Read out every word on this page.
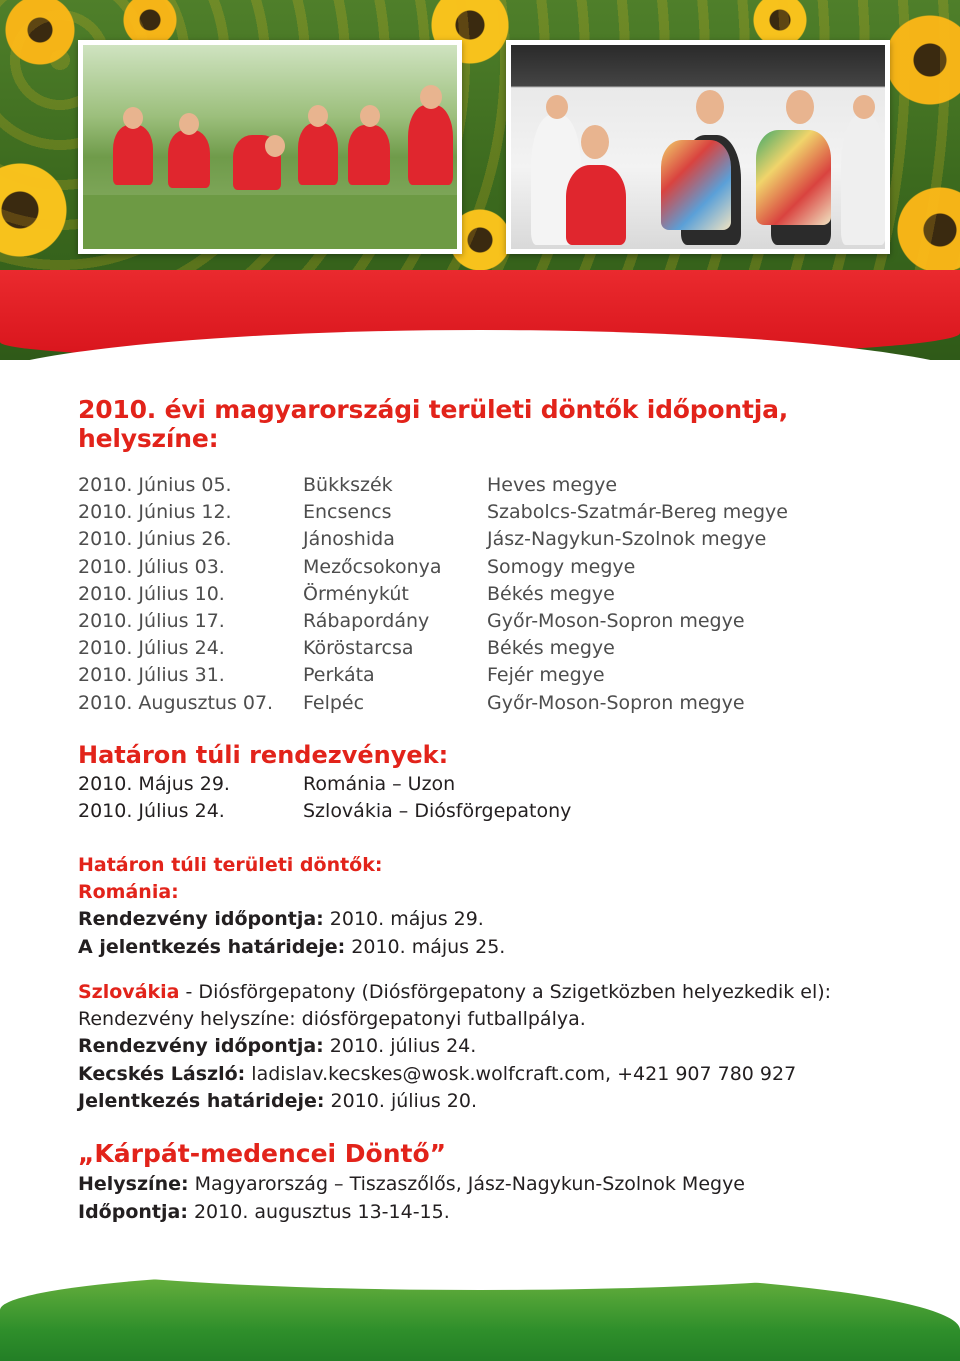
2010. évi magyarországi területi döntők időpontja, helyszíne:
2010. Június 05.	Bükkszék	Heves megye
2010. Június 12.	Encsencs	Szabolcs-Szatmár-Bereg megye
2010. Június 26.	Jánoshida	Jász-Nagykun-Szolnok megye
2010. Július 03.	Mezőcsokonya	Somogy megye
2010. Július 10.	Örménykút	Békés megye
2010. Július 17.	Rábapordány	Győr-Moson-Sopron megye
2010. Július 24.	Köröstarcsa	Békés megye
2010. Július 31.	Perkáta	Fejér megye
2010. Augusztus 07.	Felpéc	Győr-Moson-Sopron megye
Határon túli rendezvények:
2010. Május 29.	Románia – Uzon
2010. Július 24.	Szlovákia – Diósförgepatony
Határon túli területi döntők:
Románia:
Rendezvény időpontja: 2010. május 29.
A jelentkezés határideje: 2010. május 25.
Szlovákia - Diósförgepatony (Diósförgepatony a Szigetközben helyezkedik el):
Rendezvény helyszíne: diósförgepatonyi futballpálya.
Rendezvény időpontja: 2010. július 24.
Kecskés László: ladislav.kecskes@wosk.wolfcraft.com, +421 907 780 927
Jelentkezés határideje: 2010. július 20.
„Kárpát-medencei Döntő”
Helyszíne: Magyarország – Tiszaszőlős, Jász-Nagykun-Szolnok Megye
Időpontja: 2010. augusztus 13-14-15.
